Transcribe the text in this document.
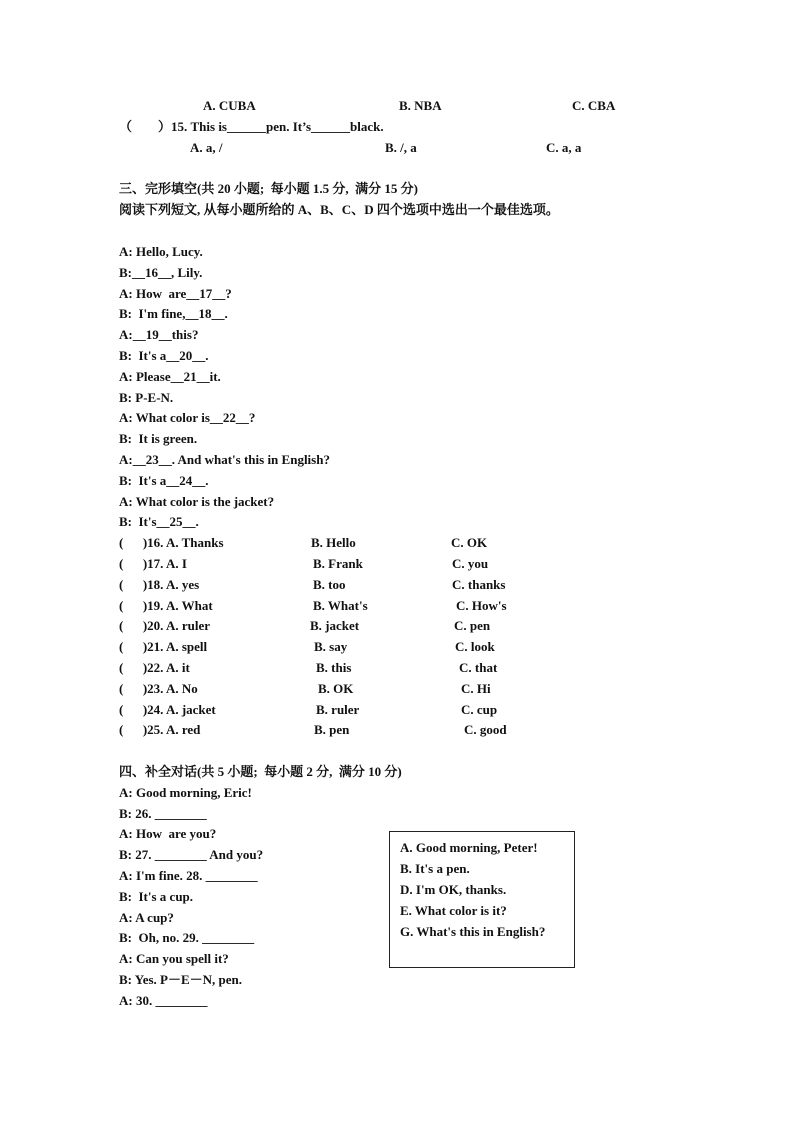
A. CUBA	B. NBA	C. CBA
（　　）15. This is______pen. It’s______black.
A. a, /	B. /, a	C. a, a
三、完形填空(共 20 小题;  每小题 1.5 分,  满分 15 分)
阅读下列短文, 从每小题所给的 A、B、C、D 四个选项中选出一个最佳选项。
A: Hello, Lucy.
B:__16__, Lily.
A: How  are__17__?
B:  I'm fine,__18__.
A:__19__this?
B:  It's a__20__.
A: Please__21__it.
B: P-E-N.
A: What color is__22__?
B:  It is green.
A:__23__. And what's this in English?
B:  It's a__24__.
A: What color is the jacket?
B:  It's__25__.
(      )16. A. Thanks	B. Hello	C. OK
(      )17. A. I	B. Frank	C. you
(      )18. A. yes	B. too	C. thanks
(      )19. A. What	B. What's	C. How's
(      )20. A. ruler	B. jacket	C. pen
(      )21. A. spell	B. say	C. look
(      )22. A. it	B. this	C. that
(      )23. A. No	B. OK	C. Hi
(      )24. A. jacket	B. ruler	C. cup
(      )25. A. red	B. pen	C. good
四、补全对话(共 5 小题;  每小题 2 分,  满分 10 分)
A: Good morning, Eric!
B: 26. ________
A: How  are you?
B: 27. ________ And you?
A: I'm fine. 28. ________
B:  It's a cup.
A: A cup?
B:  Oh, no. 29. ________
A: Can you spell it?
B: Yes. P－E－N, pen.
A: 30. ________
A. Good morning, Peter!
B. It's a pen.
D. I'm OK, thanks.
E. What color is it?
G. What's this in English?
